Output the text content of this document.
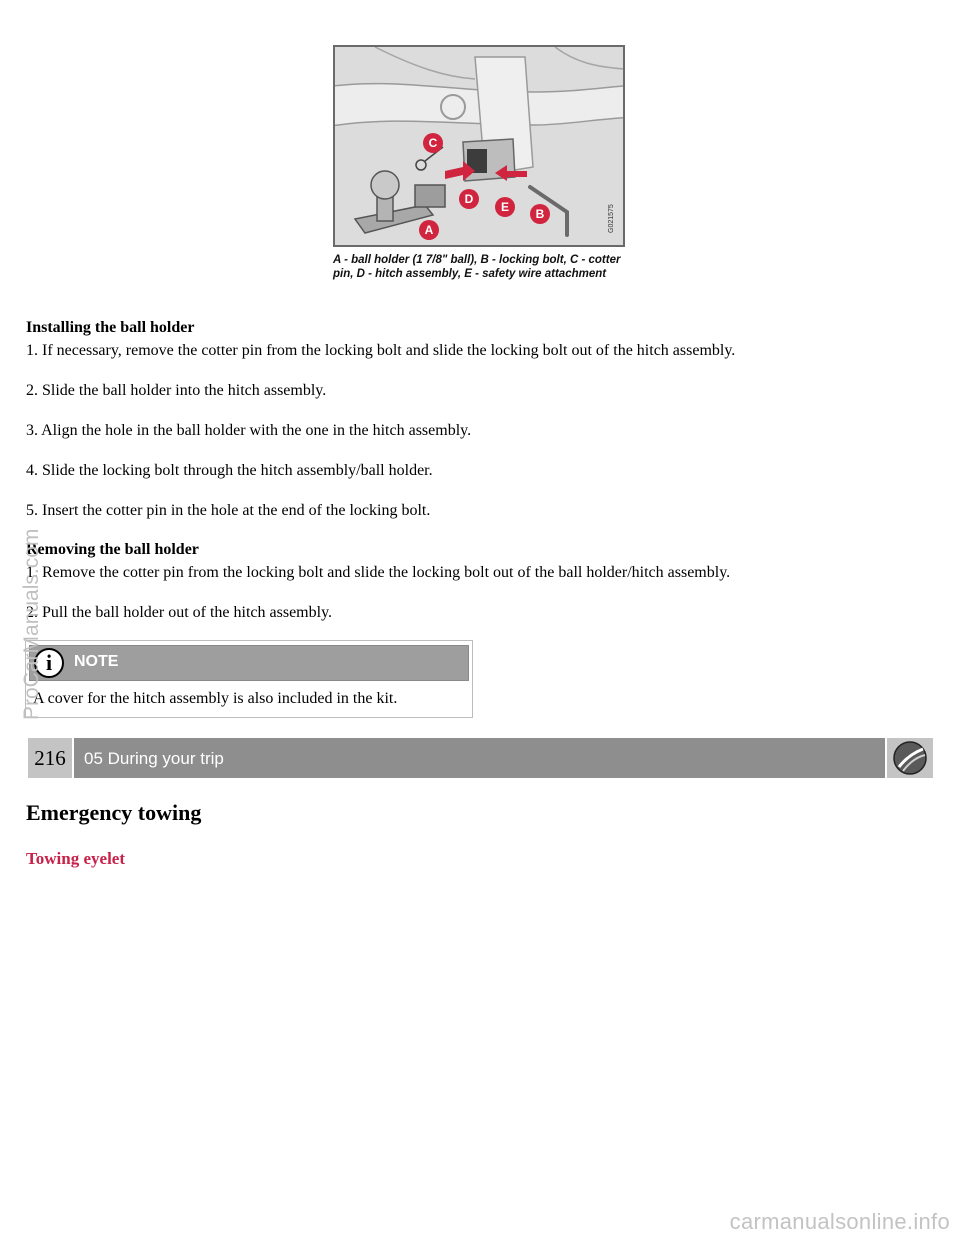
C
D
E B
A	G021575
A - ball holder (1 7/8" ball), B - locking bolt, C - cotter pin, D - hitch assembly, E - safety wire attachment
Installing the ball holder
1. If necessary, remove the cotter pin from the locking bolt and slide the locking bolt out of the hitch assembly.
2. Slide the ball holder into the hitch assembly.
3. Align the hole in the ball holder with the one in the hitch assembly.
4. Slide the locking bolt through the hitch assembly/ball holder.
5. Insert the cotter pin in the hole at the end of the locking bolt.
Removing the ball holder
1. Remove the cotter pin from the locking bolt and slide the locking bolt out of the ball holder/hitch assembly.
2. Pull the ball holder out of the hitch assembly.
i	NOTE
A cover for the hitch assembly is also included in the kit.
216	05 During your trip
Emergency towing
Towing eyelet
ProCarManuals.com
carmanualsonline.info
